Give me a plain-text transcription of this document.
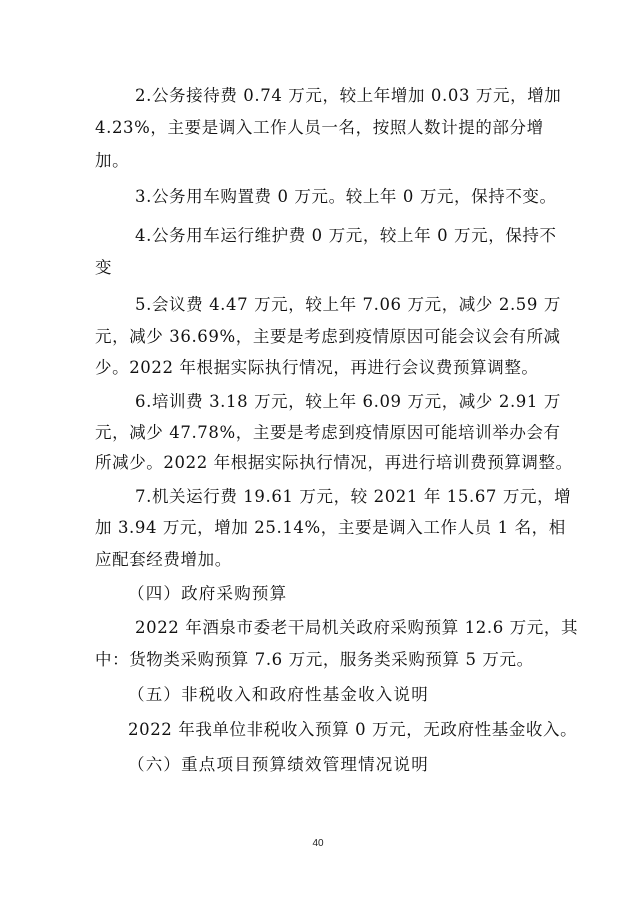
2.公务接待费 0.74 万元，较上年增加 0.03 万元，增加
4.23%，主要是调入工作人员一名，按照人数计提的部分增
加。
3.公务用车购置费 0 万元。较上年 0 万元，保持不变。
4.公务用车运行维护费 0 万元，较上年 0 万元，保持不
变
5.会议费 4.47 万元，较上年 7.06 万元，减少 2.59 万
元，减少 36.69%，主要是考虑到疫情原因可能会议会有所减
少。2022 年根据实际执行情况，再进行会议费预算调整。
6.培训费 3.18 万元，较上年 6.09 万元，减少 2.91 万
元，减少 47.78%，主要是考虑到疫情原因可能培训举办会有
所减少。2022 年根据实际执行情况，再进行培训费预算调整。
7.机关运行费 19.61 万元，较 2021 年 15.67 万元，增
加 3.94 万元，增加 25.14%，主要是调入工作人员 1 名，相
应配套经费增加。
（四）政府采购预算
2022 年酒泉市委老干局机关政府采购预算 12.6 万元，其
中：货物类采购预算 7.6 万元，服务类采购预算 5 万元。
（五）非税收入和政府性基金收入说明
2022 年我单位非税收入预算 0 万元，无政府性基金收入。
（六）重点项目预算绩效管理情况说明
40
